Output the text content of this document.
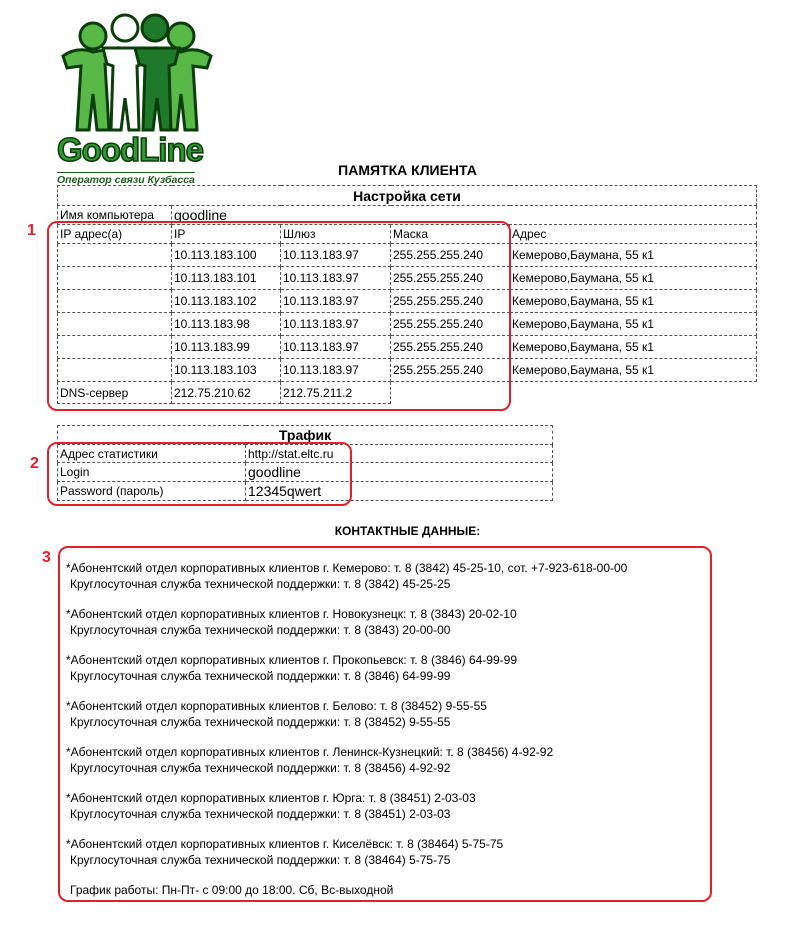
GoodLine
Оператор связи Кузбасса
ПАМЯТКА КЛИЕНТА
Настройка сети				
Имя компьютера	goodline			
IP адрес(а)	IP	Шлюз	Маска	Адрес
	10.113.183.100	10.113.183.97	255.255.255.240	Кемерово,Баумана, 55 к1
	10.113.183.101	10.113.183.97	255.255.255.240	Кемерово,Баумана, 55 к1
	10.113.183.102	10.113.183.97	255.255.255.240	Кемерово,Баумана, 55 к1
	10.113.183.98	10.113.183.97	255.255.255.240	Кемерово,Баумана, 55 к1
	10.113.183.99	10.113.183.97	255.255.255.240	Кемерово,Баумана, 55 к1
	10.113.183.103	10.113.183.97	255.255.255.240	Кемерово,Баумана, 55 к1
DNS-сервер	212.75.210.62	212.75.211.2		
Трафик	
Адрес статистики	http://stat.eltc.ru
Login	goodline
Password (пароль)	12345qwert
КОНТАКТНЫЕ ДАННЫЕ:
*Абонентский отдел корпоративных клиентов г. Кемерово: т. 8 (3842) 45-25-10, сот. +7-923-618-00-00
Круглосуточная служба технической поддержки: т. 8 (3842) 45-25-25
*Абонентский отдел корпоративных клиентов г. Новокузнецк: т. 8 (3843) 20-02-10
Круглосуточная служба технической поддержки: т. 8 (3843) 20-00-00
*Абонентский отдел корпоративных клиентов г. Прокопьевск: т. 8 (3846) 64-99-99
Круглосуточная служба технической поддержки: т. 8 (3846) 64-99-99
*Абонентский отдел корпоративных клиентов г. Белово: т. 8 (38452) 9-55-55
Круглосуточная служба технической поддержки: т. 8 (38452) 9-55-55
*Абонентский отдел корпоративных клиентов г. Ленинск-Кузнецкий: т. 8 (38456) 4-92-92
Круглосуточная служба технической поддержки: т. 8 (38456) 4-92-92
*Абонентский отдел корпоративных клиентов г. Юрга: т. 8 (38451) 2-03-03
Круглосуточная служба технической поддержки: т. 8 (38451) 2-03-03
*Абонентский отдел корпоративных клиентов г. Киселёвск: т. 8 (38464) 5-75-75
Круглосуточная служба технической поддержки: т. 8 (38464) 5-75-75
График работы: Пн-Пт- с 09:00 до 18:00. Сб, Вс-выходной
1
2
3
